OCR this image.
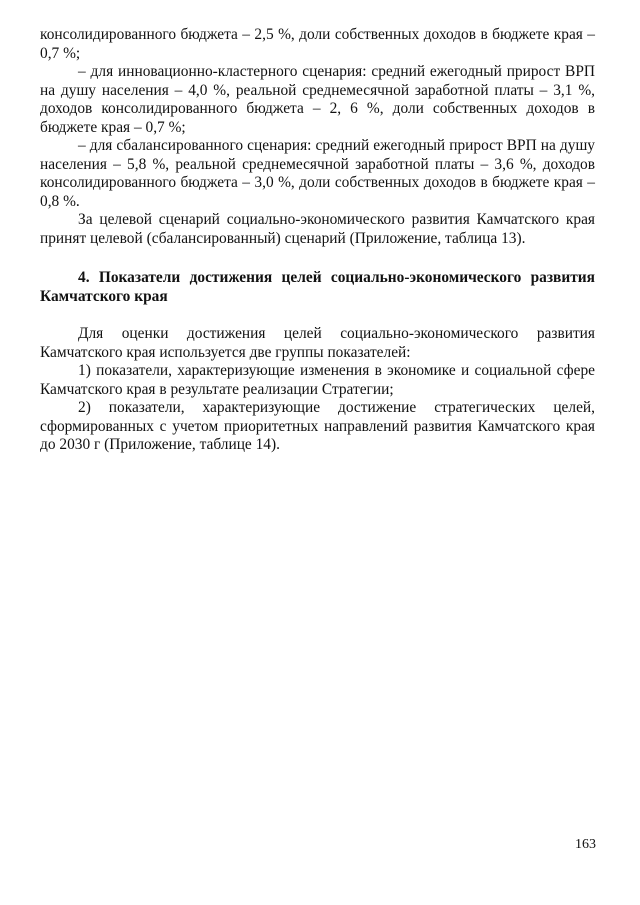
консолидированного бюджета – 2,5 %, доли собственных доходов в бюджете края – 0,7 %;

– для инновационно-кластерного сценария: средний ежегодный прирост ВРП на душу населения – 4,0 %, реальной среднемесячной заработной платы – 3,1 %, доходов консолидированного бюджета – 2, 6 %, доли собственных доходов в бюджете края – 0,7 %;

– для сбалансированного сценария: средний ежегодный прирост ВРП на душу населения – 5,8 %, реальной среднемесячной заработной платы – 3,6 %, доходов консолидированного бюджета – 3,0 %, доли собственных доходов в бюджете края – 0,8 %.

За целевой сценарий социально-экономического развития Камчатского края принят целевой (сбалансированный) сценарий (Приложение, таблица 13).

4. Показатели достижения целей социально-экономического развития Камчатского края

Для оценки достижения целей социально-экономического развития Камчатского края используется две группы показателей:

1) показатели, характеризующие изменения в экономике и социальной сфере Камчатского края в результате реализации Стратегии;

2) показатели, характеризующие достижение стратегических целей, сформированных с учетом приоритетных направлений развития Камчатского края до 2030 г (Приложение, таблице 14).

163
